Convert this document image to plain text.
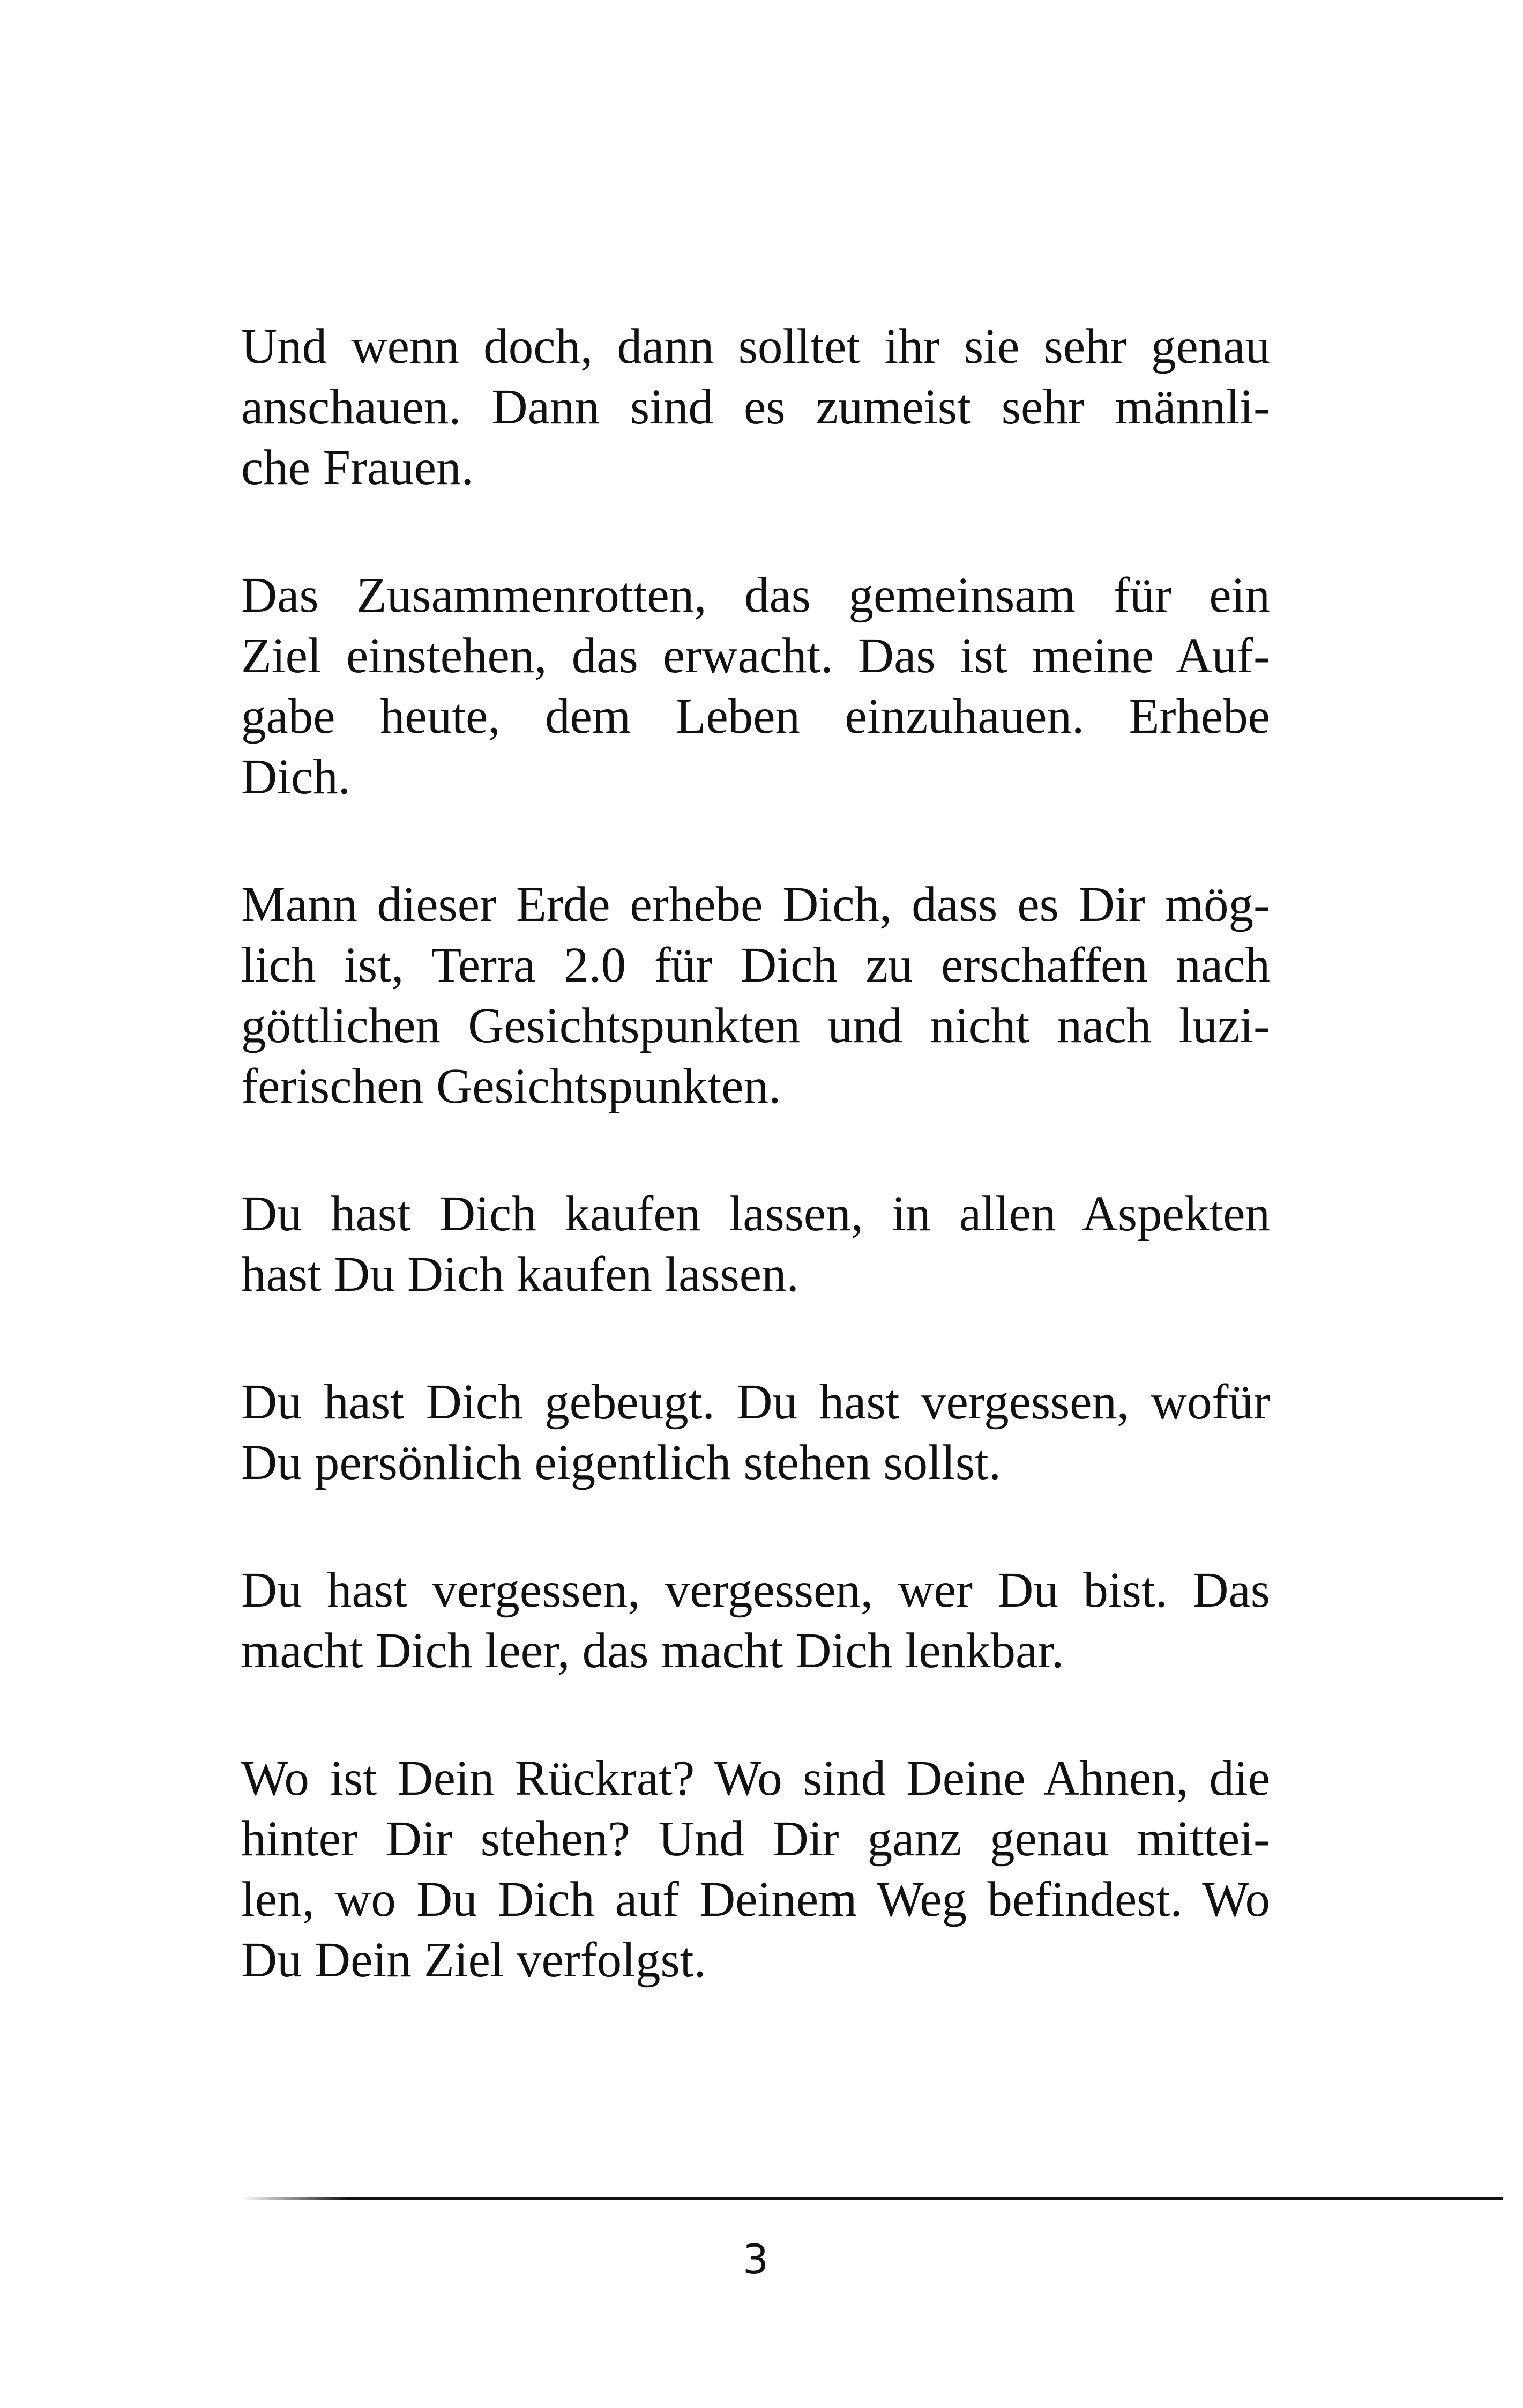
Und wenn doch, dann solltet ihr sie sehr genau
anschauen. Dann sind es zumeist sehr männli-
che Frauen.
Das Zusammenrotten, das gemeinsam für ein
Ziel einstehen, das erwacht. Das ist meine Auf-
gabe heute, dem Leben einzuhauen. Erhebe
Dich.
Mann dieser Erde erhebe Dich, dass es Dir mög-
lich ist, Terra 2.0 für Dich zu erschaffen nach
göttlichen Gesichtspunkten und nicht nach luzi-
ferischen Gesichtspunkten.
Du hast Dich kaufen lassen, in allen Aspekten
hast Du Dich kaufen lassen.
Du hast Dich gebeugt. Du hast vergessen, wofür
Du persönlich eigentlich stehen sollst.
Du hast vergessen, vergessen, wer Du bist. Das
macht Dich leer, das macht Dich lenkbar.
Wo ist Dein Rückrat? Wo sind Deine Ahnen, die
hinter Dir stehen? Und Dir ganz genau mittei-
len, wo Du Dich auf Deinem Weg befindest. Wo
Du Dein Ziel verfolgst.
3
